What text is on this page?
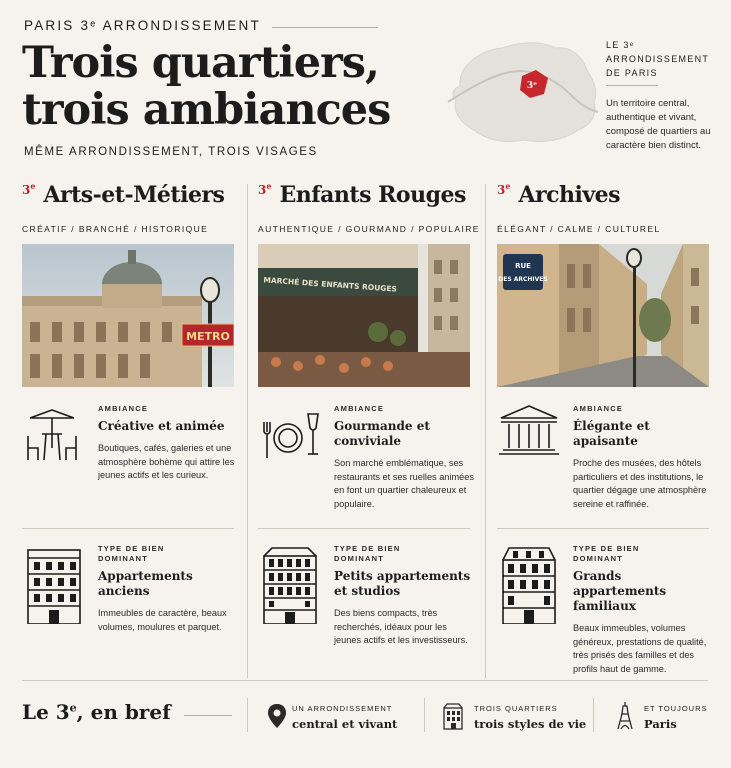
PARIS 3ᵉ ARRONDISSEMENT
Trois quartiers,
trois ambiances
MÊME ARRONDISSEMENT, TROIS VISAGES
3ᵉ
LE 3ᵉ
ARRONDISSEMENT
DE PARIS
Un territoire central, authentique et vivant, composé de quartiers au caractère bien distinct.
3e Arts-et-Métiers
CRÉATIF / BRANCHÉ / HISTORIQUE
METRO
AMBIANCE
Créative et animée
Boutiques, cafés, galeries et une atmosphère bohème qui attire les jeunes actifs et les curieux.
TYPE DE BIEN
DOMINANT
Appartements anciens
Immeubles de caractère, beaux volumes, moulures et parquet.
3e Enfants Rouges
AUTHENTIQUE / GOURMAND / POPULAIRE
MARCHÉ DES ENFANTS ROUGES
AMBIANCE
Gourmande et conviviale
Son marché emblématique, ses restaurants et ses ruelles animées en font un quartier chaleureux et populaire.
TYPE DE BIEN
DOMINANT
Petits appartements et studios
Des biens compacts, très recherchés, idéaux pour les jeunes actifs et les investisseurs.
3e Archives
ÉLÉGANT / CALME / CULTUREL
RUE
DES ARCHIVES
AMBIANCE
Élégante et apaisante
Proche des musées, des hôtels particuliers et des institutions, le quartier dégage une atmosphère sereine et raffinée.
TYPE DE BIEN
DOMINANT
Grands appartements familiaux
Beaux immeubles, volumes généreux, prestations de qualité, très prisés des familles et des profils haut de gamme.
Le 3e, en bref	UN ARRONDISSEMENT
central et vivant
TROIS QUARTIERS
trois styles de vie
ET TOUJOURS
Paris
